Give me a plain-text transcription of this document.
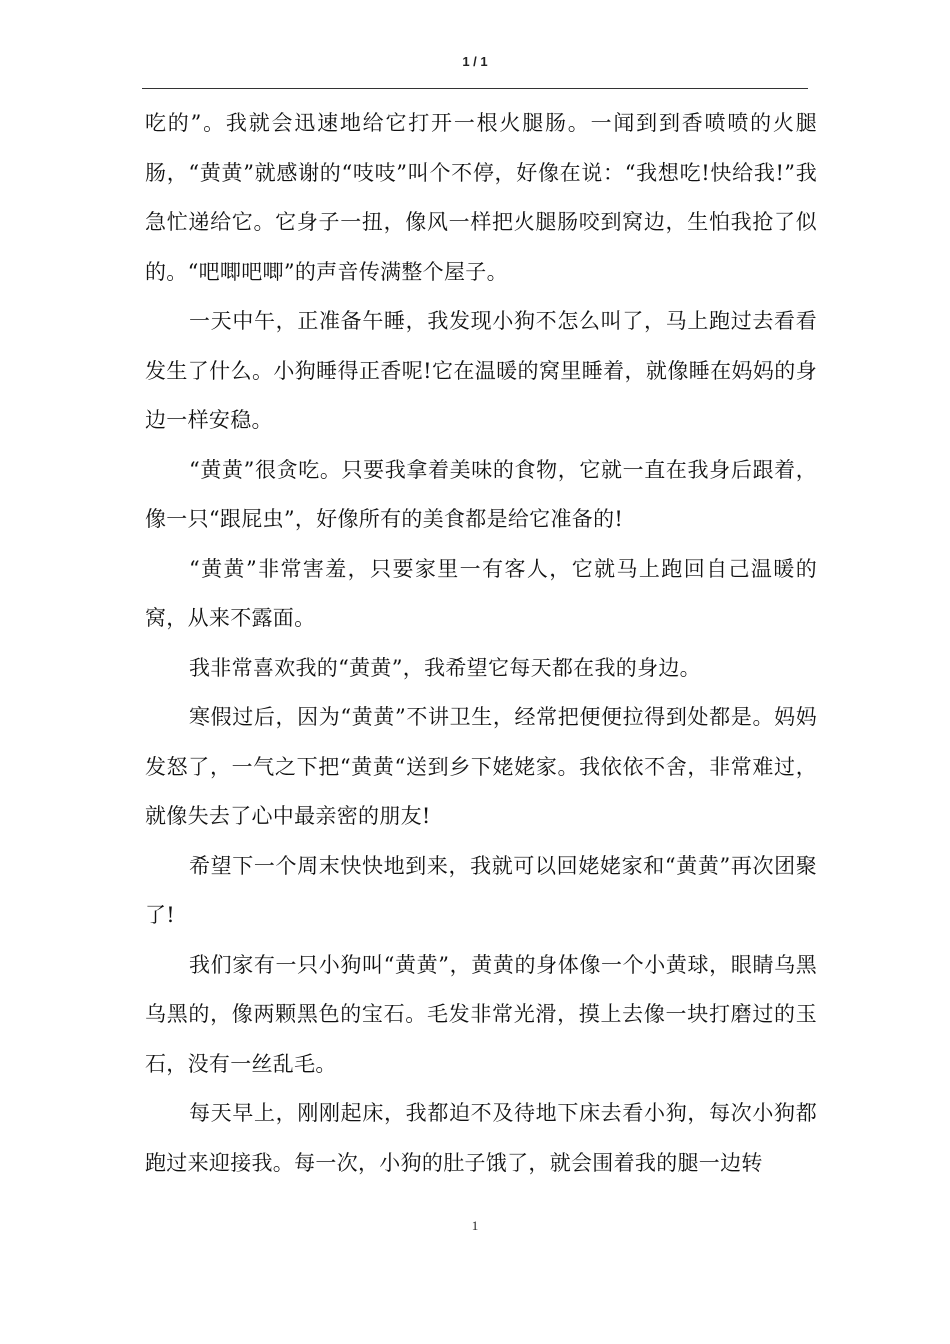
1 / 1

吃的”。我就会迅速地给它打开一根火腿肠。一闻到到香喷喷的火腿肠，“黄黄”就感谢的“吱吱”叫个不停，好像在说：“我想吃!快给我!”我急忙递给它。它身子一扭，像风一样把火腿肠咬到窝边，生怕我抢了似的。“吧唧吧唧”的声音传满整个屋子。

一天中午，正准备午睡，我发现小狗不怎么叫了，马上跑过去看看发生了什么。小狗睡得正香呢!它在温暖的窝里睡着，就像睡在妈妈的身边一样安稳。

“黄黄”很贪吃。只要我拿着美味的食物，它就一直在我身后跟着，像一只“跟屁虫”，好像所有的美食都是给它准备的!

“黄黄”非常害羞，只要家里一有客人，它就马上跑回自己温暖的窝，从来不露面。

我非常喜欢我的“黄黄”，我希望它每天都在我的身边。

寒假过后，因为“黄黄”不讲卫生，经常把便便拉得到处都是。妈妈发怒了，一气之下把“黄黄“送到乡下姥姥家。我依依不舍，非常难过，就像失去了心中最亲密的朋友!

希望下一个周末快快地到来，我就可以回姥姥家和“黄黄”再次团聚了!

我们家有一只小狗叫“黄黄”，黄黄的身体像一个小黄球，眼睛乌黑乌黑的，像两颗黑色的宝石。毛发非常光滑，摸上去像一块打磨过的玉石，没有一丝乱毛。

每天早上，刚刚起床，我都迫不及待地下床去看小狗，每次小狗都跑过来迎接我。每一次，小狗的肚子饿了，就会围着我的腿一边转

1
